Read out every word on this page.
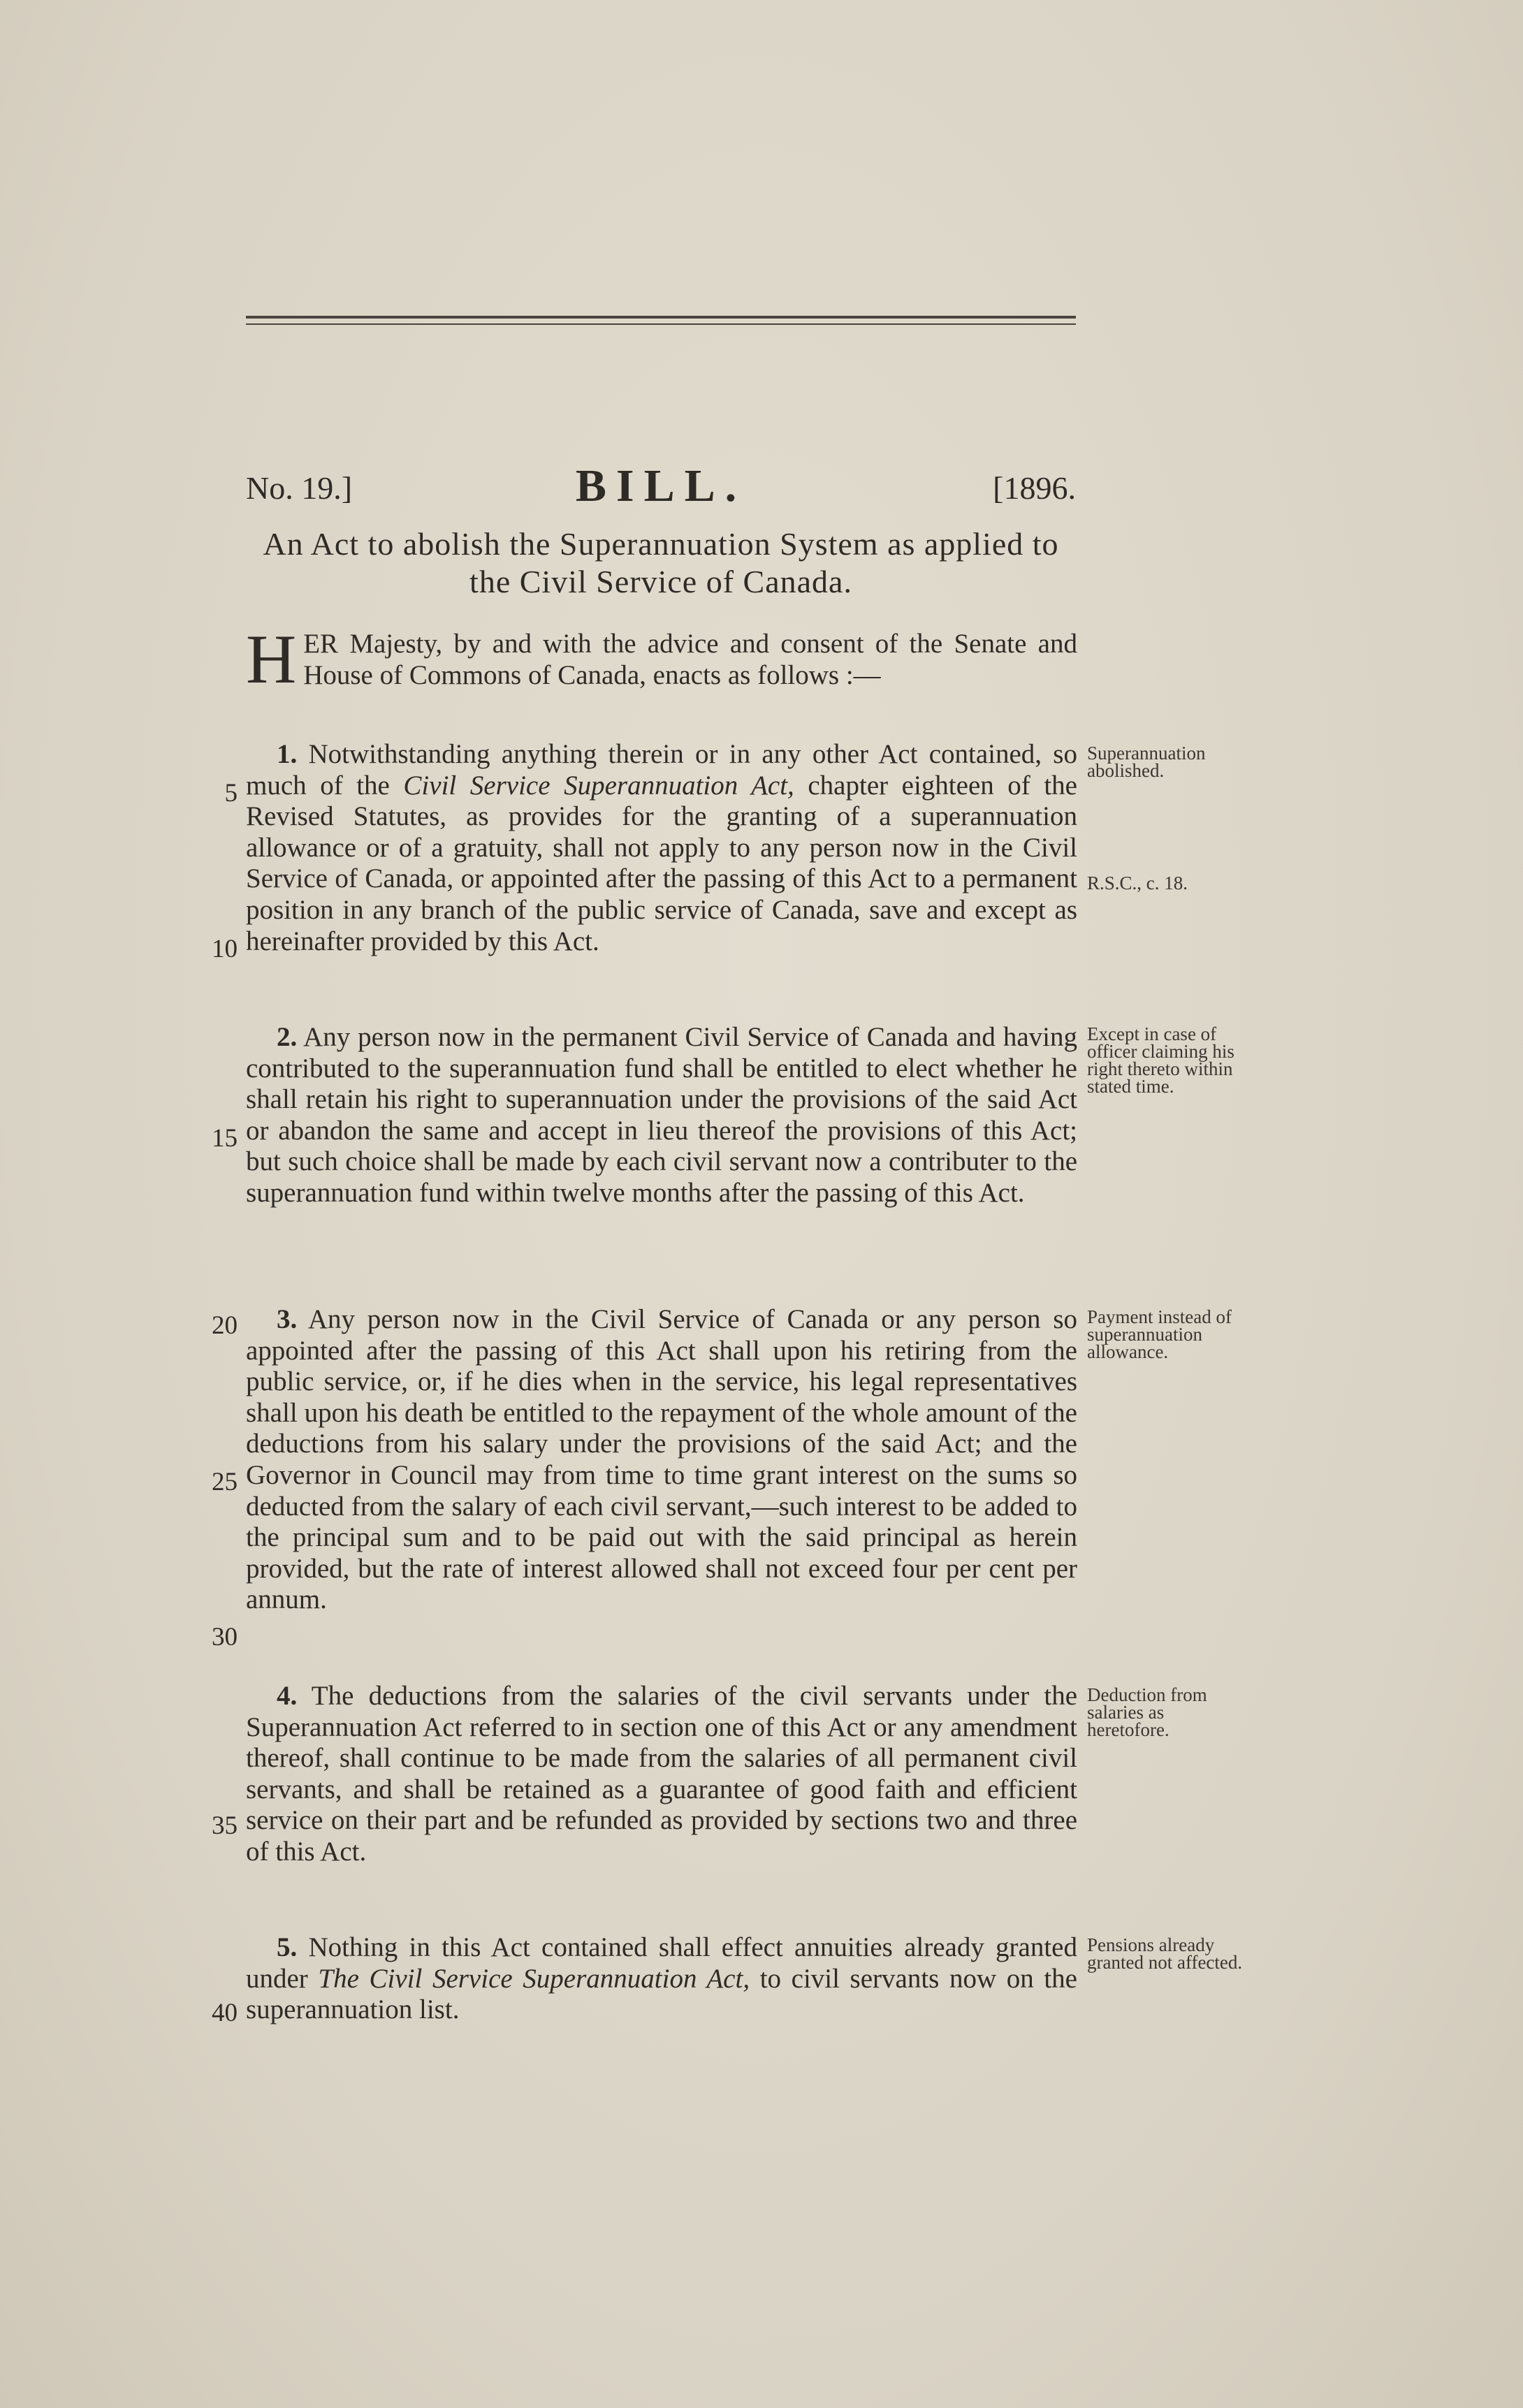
No. 19.]	BILL.	[1896.
An Act to abolish the Superannuation System as applied to the Civil Service of Canada.
HER Majesty, by and with the advice and consent of the Senate and House of Commons of Canada, enacts as follows :—

1. Notwithstanding anything therein or in any other Act contained, so much of the Civil Service Superannuation Act, chapter eighteen of the Revised Statutes, as provides for the granting of a superannuation allowance or of a gratuity, shall not apply to any person now in the Civil Service of Canada, or appointed after the passing of this Act to a permanent position in any branch of the public service of Canada, save and except as hereinafter provided by this Act.

2. Any person now in the permanent Civil Service of Canada and having contributed to the superannuation fund shall be entitled to elect whether he shall retain his right to superannuation under the provisions of the said Act or abandon the same and accept in lieu thereof the provisions of this Act; but such choice shall be made by each civil servant now a contributer to the superannuation fund within twelve months after the passing of this Act.

3. Any person now in the Civil Service of Canada or any person so appointed after the passing of this Act shall upon his retiring from the public service, or, if he dies when in the service, his legal representatives shall upon his death be entitled to the repayment of the whole amount of the deductions from his salary under the provisions of the said Act; and the Governor in Council may from time to time grant interest on the sums so deducted from the salary of each civil servant,—such interest to be added to the principal sum and to be paid out with the said principal as herein provided, but the rate of interest allowed shall not exceed four per cent per annum.

4. The deductions from the salaries of the civil servants under the Superannuation Act referred to in section one of this Act or any amendment thereof, shall continue to be made from the salaries of all permanent civil servants, and shall be retained as a guarantee of good faith and efficient service on their part and be refunded as provided by sections two and three of this Act.

5. Nothing in this Act contained shall effect annuities already granted under The Civil Service Superannuation Act, to civil servants now on the superannuation list.

5
10
15
20
25
30
35
40
Superannuation abolished.
R.S.C., c. 18.
Except in case of officer claiming his right thereto within stated time.
Payment instead of superannuation allowance.
Deduction from salaries as heretofore.
Pensions already granted not affected.
